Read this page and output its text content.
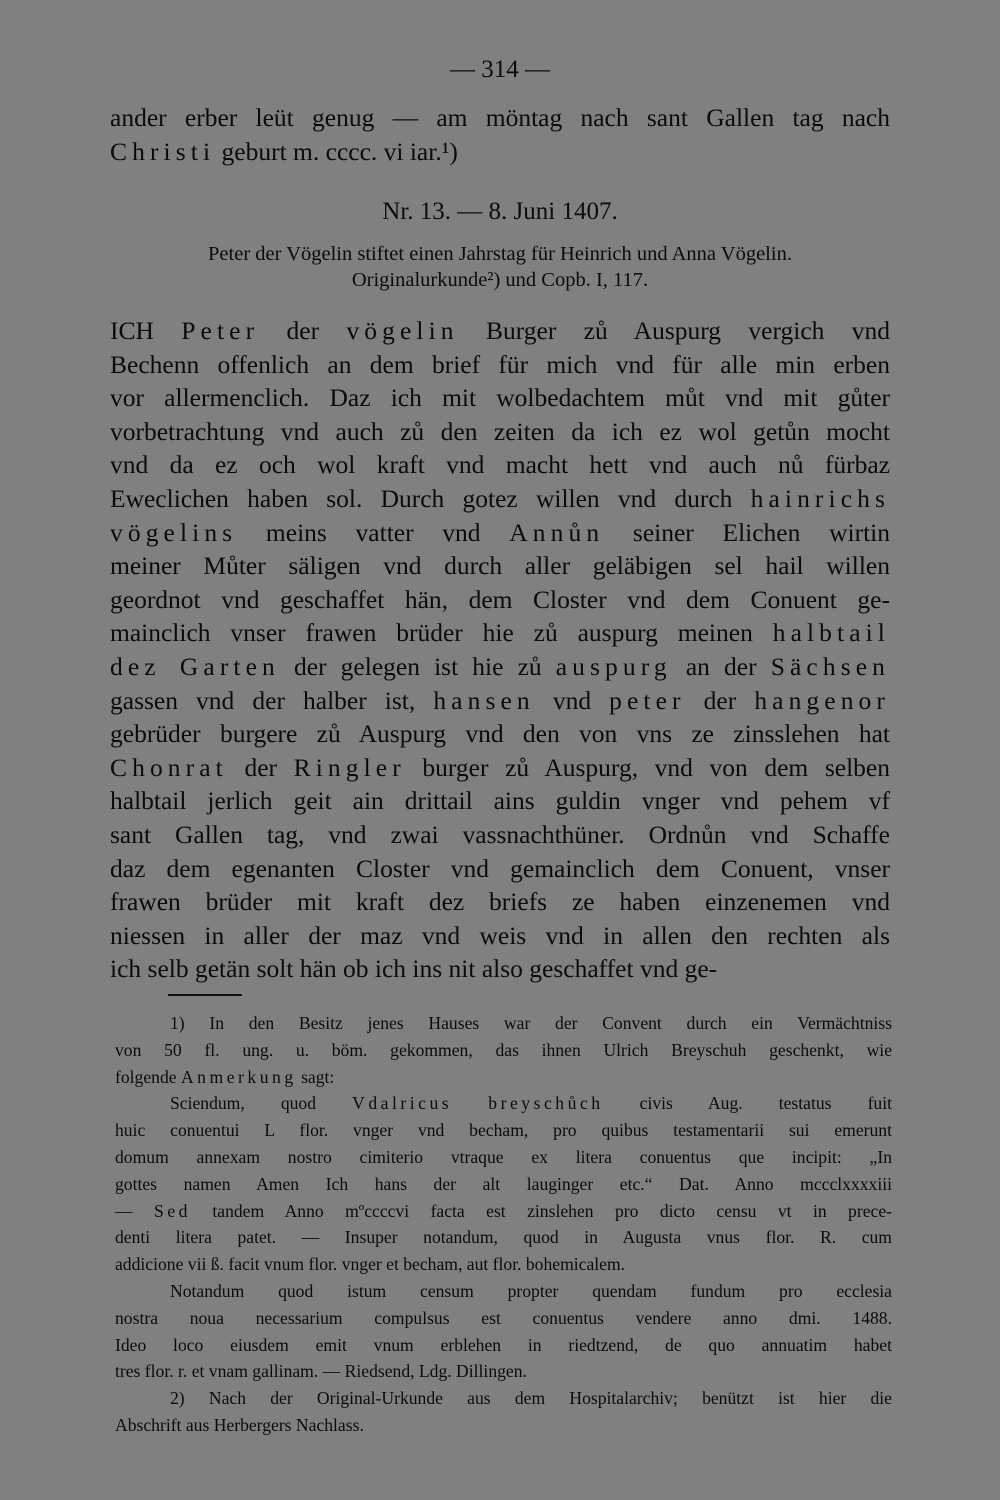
— 314 —
ander erber leüt genug — am möntag nach sant Gallen tag nach
Christi geburt m. cccc. vi iar.¹)
Nr. 13. — 8. Juni 1407.
Peter der Vögelin stiftet einen Jahrstag für Heinrich und Anna Vögelin.
Originalurkunde²) und Copb. I, 117.
ICH Peter der vögelin Burger zů Auspurg vergich vnd
Bechenn offenlich an dem brief für mich vnd für alle min erben
vor allermenclich. Daz ich mit wolbedachtem můt vnd mit gůter
vorbetrachtung vnd auch zů den zeiten da ich ez wol getůn mocht
vnd da ez och wol kraft vnd macht hett vnd auch nů fürbaz
Eweclichen haben sol. Durch gotez willen vnd durch hainrichs
vögelins meins vatter vnd Annůn seiner Elichen wirtin
meiner Můter säligen vnd durch aller geläbigen sel hail willen
geordnot vnd geschaffet hän, dem Closter vnd dem Conuent ge-
mainclich vnser frawen brüder hie zů auspurg meinen halbtail
dez Garten der gelegen ist hie zů auspurg an der Sächsen
gassen vnd der halber ist, hansen vnd peter der hangenor
gebrüder burgere zů Auspurg vnd den von vns ze zinsslehen hat
Chonrat der Ringler burger zů Auspurg, vnd von dem selben
halbtail jerlich geit ain drittail ains guldin vnger vnd pehem vf
sant Gallen tag, vnd zwai vassnachthüner. Ordnůn vnd Schaffe
daz dem egenanten Closter vnd gemainclich dem Conuent, vnser
frawen brüder mit kraft dez briefs ze haben einzenemen vnd
niessen in aller der maz vnd weis vnd in allen den rechten als
ich selb getän solt hän ob ich ins nit also geschaffet vnd ge-
1) In den Besitz jenes Hauses war der Convent durch ein Vermächtniss
von 50 fl. ung. u. böm. gekommen, das ihnen Ulrich Breyschuh geschenkt, wie
folgende Anmerkung sagt:
Sciendum, quod Vdalricus breyschůch civis Aug. testatus fuit
huic conuentui L flor. vnger vnd becham, pro quibus testamentarii sui emerunt
domum annexam nostro cimiterio vtraque ex litera conuentus que incipit: „In
gottes namen Amen Ich hans der alt lauginger etc.“ Dat. Anno mccclxxxxiii
— Sed tandem Anno mºccccvi facta est zinslehen pro dicto censu vt in prece-
denti litera patet. — Insuper notandum, quod in Augusta vnus flor. R. cum
addicione vii ß. facit vnum flor. vnger et becham, aut flor. bohemicalem.
Notandum quod istum censum propter quendam fundum pro ecclesia
nostra noua necessarium compulsus est conuentus vendere anno dmi. 1488.
Ideo loco eiusdem emit vnum erblehen in riedtzend, de quo annuatim habet
tres flor. r. et vnam gallinam. — Riedsend, Ldg. Dillingen.
2) Nach der Original-Urkunde aus dem Hospitalarchiv; benützt ist hier die
Abschrift aus Herbergers Nachlass.
